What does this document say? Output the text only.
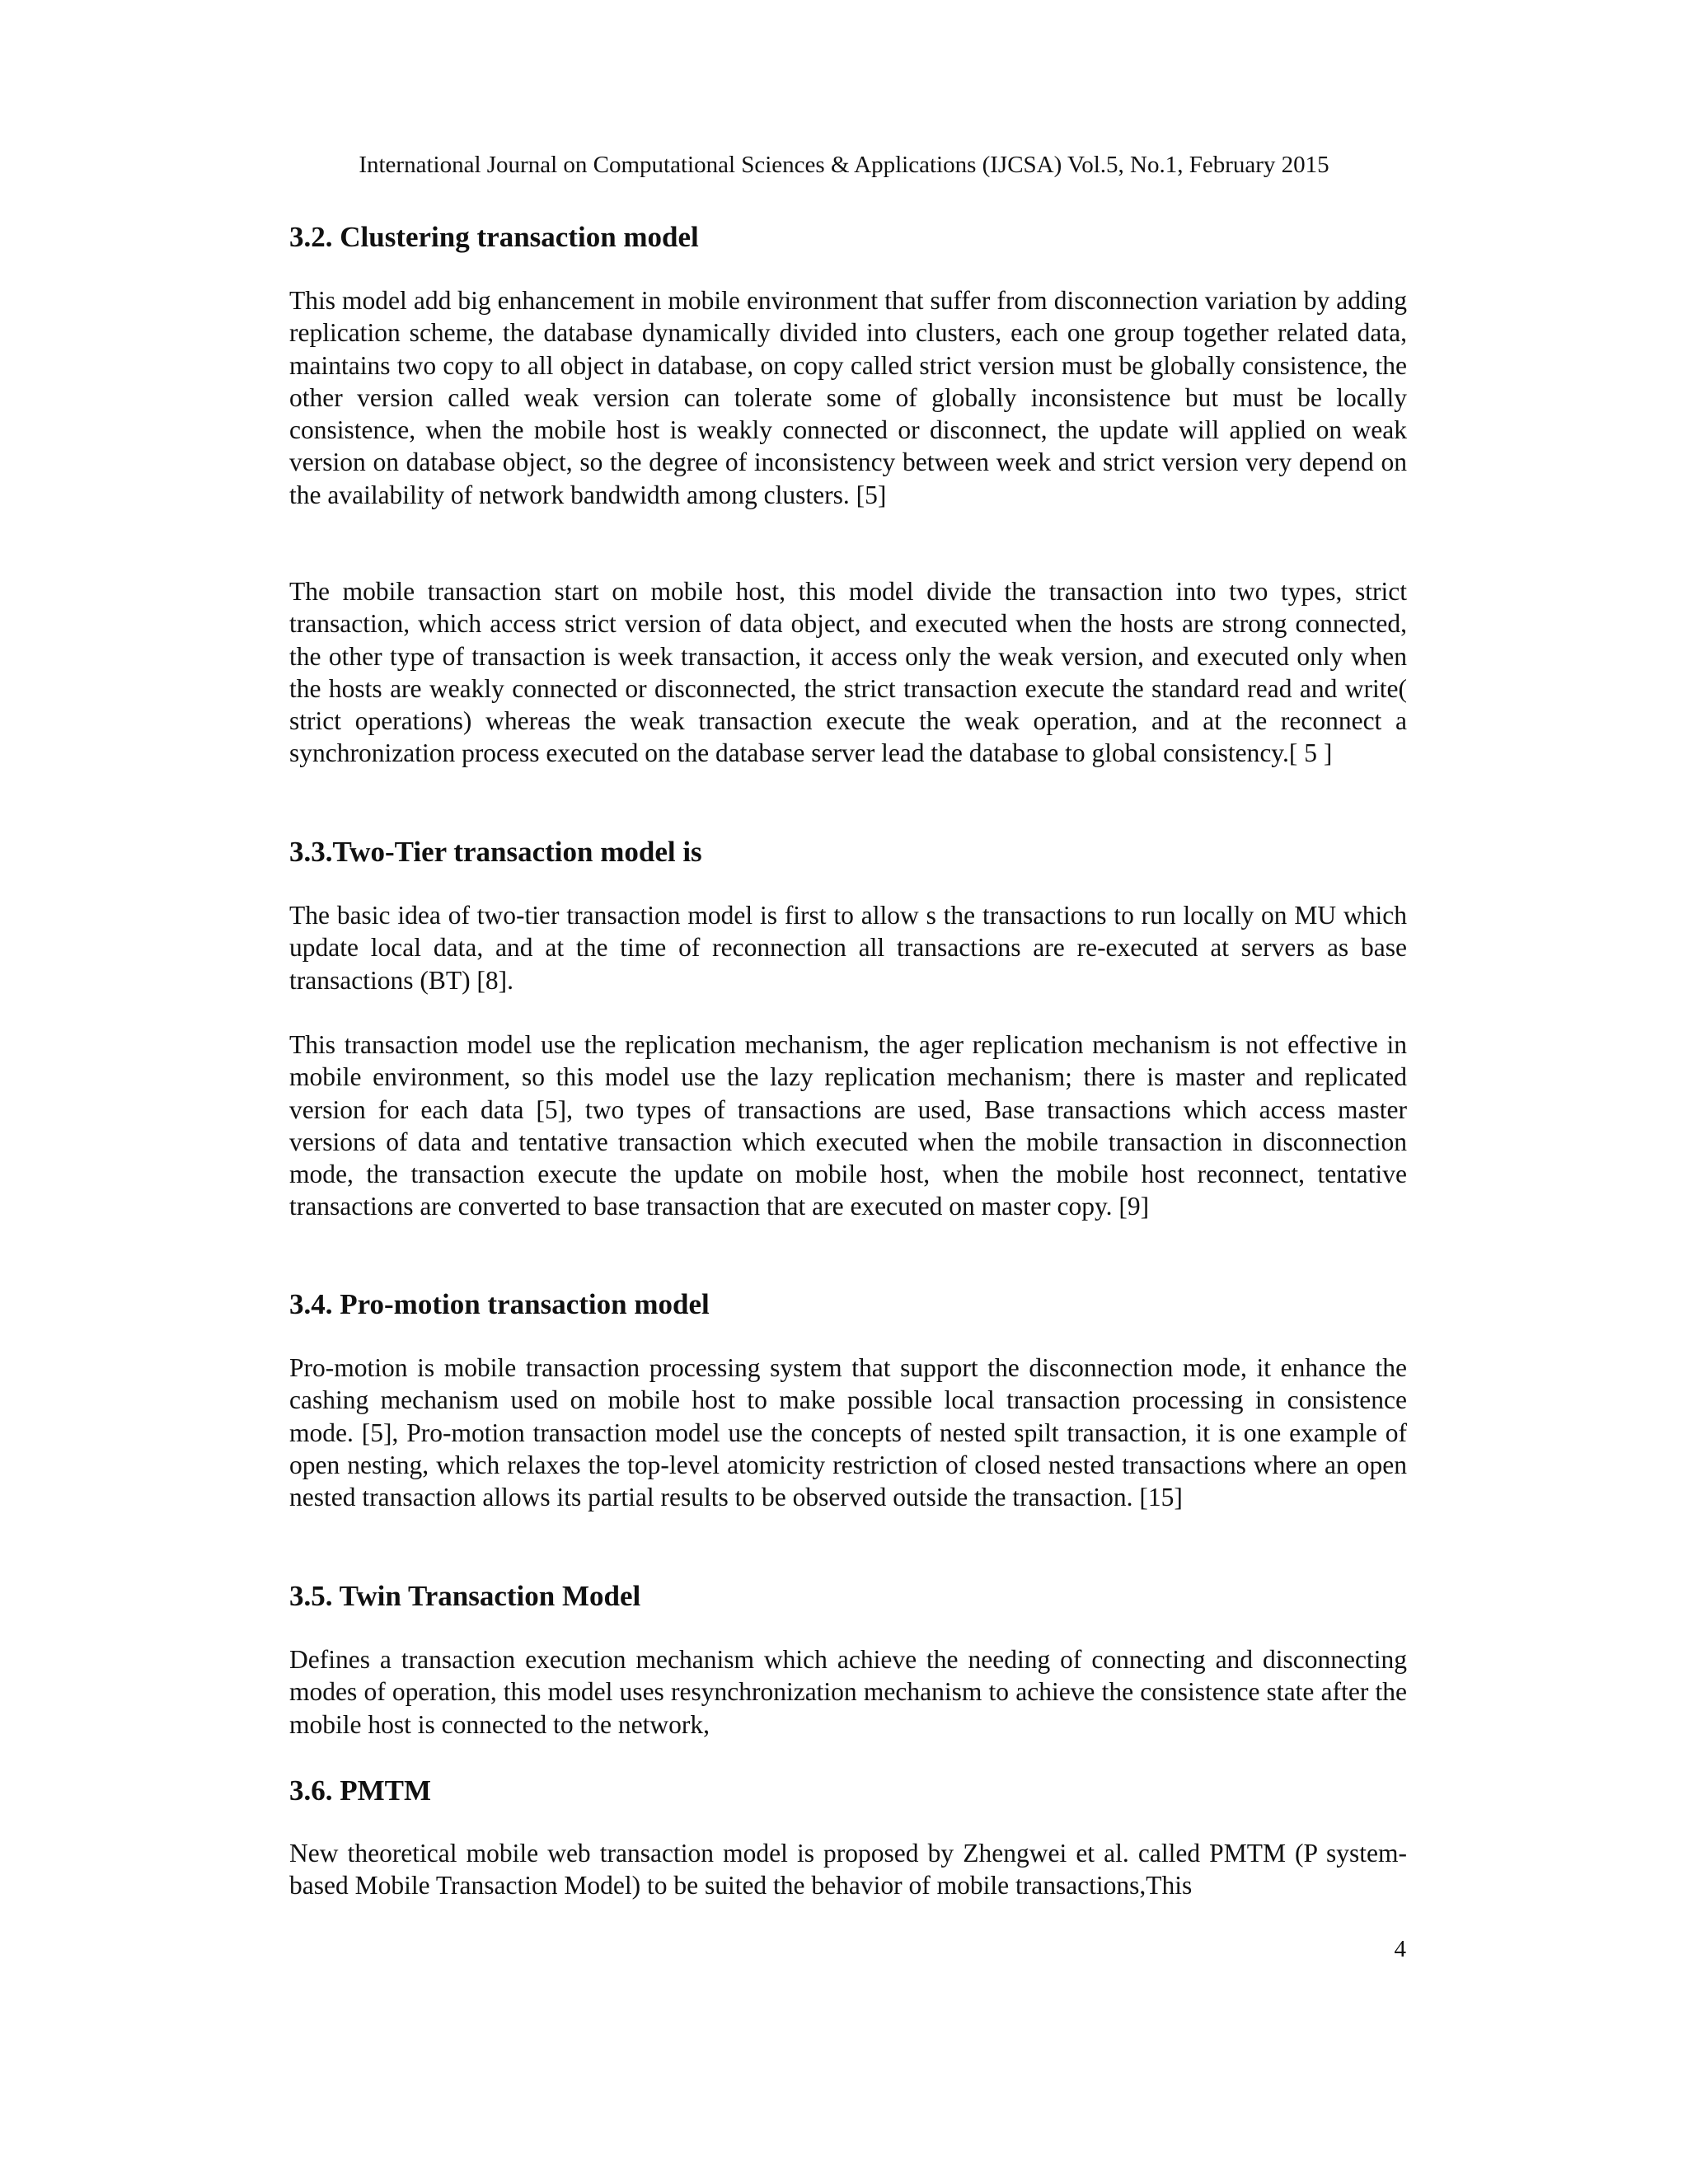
International Journal on Computational Sciences & Applications (IJCSA) Vol.5, No.1, February 2015
3.2. Clustering transaction model
This model add big enhancement in mobile environment that suffer from disconnection variation by adding replication scheme, the database dynamically divided into clusters, each one group together related data, maintains two copy to all object in database, on copy called strict version must be globally consistence, the other version called weak version can tolerate some of globally inconsistence but must be locally consistence, when the mobile host is weakly connected or disconnect, the update will applied on weak version on database object, so the degree of inconsistency between week and strict version very depend on the availability of network bandwidth among clusters. [5]
The mobile transaction start on mobile host, this model divide the transaction into two types, strict transaction, which access strict version of data object, and executed when the hosts are strong connected, the other type of transaction is week transaction, it access only the weak version, and executed only when the hosts are weakly connected or disconnected, the strict transaction execute the standard read and write( strict operations) whereas the weak transaction execute the weak operation, and at the reconnect a synchronization process executed on the database server lead the database to global consistency.[ 5 ]
3.3.Two-Tier transaction model is
The basic idea of two-tier transaction model is first to allow s the transactions to run locally on MU which update local data, and at the time of reconnection all transactions are re-executed at servers as base transactions (BT) [8].
This transaction model use the replication mechanism, the ager replication mechanism is not effective in mobile environment, so this model use the lazy replication mechanism; there is master and replicated version for each data [5], two types of transactions are used, Base transactions which access master versions of data and tentative transaction which executed when the mobile transaction in disconnection mode, the transaction execute the update on mobile host, when the mobile host reconnect, tentative transactions are converted to base transaction that are executed on master copy. [9]
3.4. Pro-motion transaction model
Pro-motion is mobile transaction processing system that support the disconnection mode, it enhance the cashing mechanism used on mobile host to make possible local transaction processing in consistence mode. [5], Pro-motion transaction model use the concepts of nested spilt transaction, it is one example of open nesting, which relaxes the top-level atomicity restriction of closed nested transactions where an open nested transaction allows its partial results to be observed outside the transaction. [15]
3.5. Twin Transaction Model
Defines a transaction execution mechanism which achieve the needing of connecting and disconnecting modes of operation, this model uses resynchronization mechanism to achieve the consistence state after the mobile host is connected to the network,
3.6. PMTM
New theoretical mobile web transaction model is proposed by Zhengwei et al. called PMTM (P system-based Mobile Transaction Model) to be suited the behavior of mobile transactions,This
4
